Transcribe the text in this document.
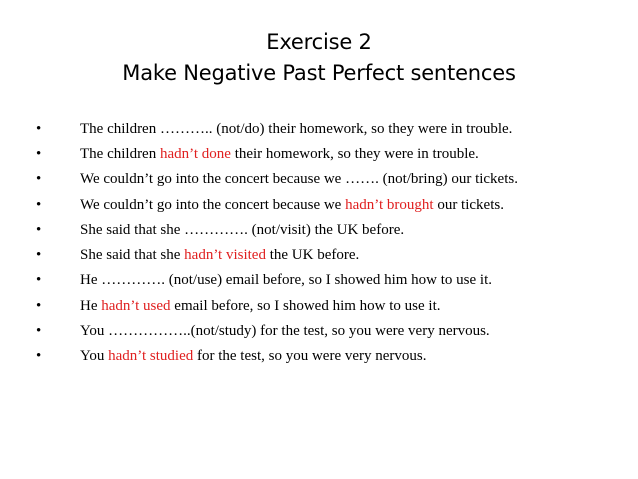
Exercise 2
Make Negative Past Perfect sentences
•	The children ……….. (not/do) their homework, so they were in trouble.
•	The children hadn’t done their homework, so they were in trouble.
•	We couldn’t go into the concert because we ……. (not/bring) our tickets.
•	We couldn’t go into the concert because we hadn’t brought our tickets.
•	She said that she …………. (not/visit) the UK before.
•	She said that she hadn’t visited the UK before.
•	He …………. (not/use) email before, so I showed him how to use it.
•	He hadn’t used email before, so I showed him how to use it.
•	You ……………..(not/study) for the test, so you were very nervous.
•	You hadn’t studied for the test, so you were very nervous.
